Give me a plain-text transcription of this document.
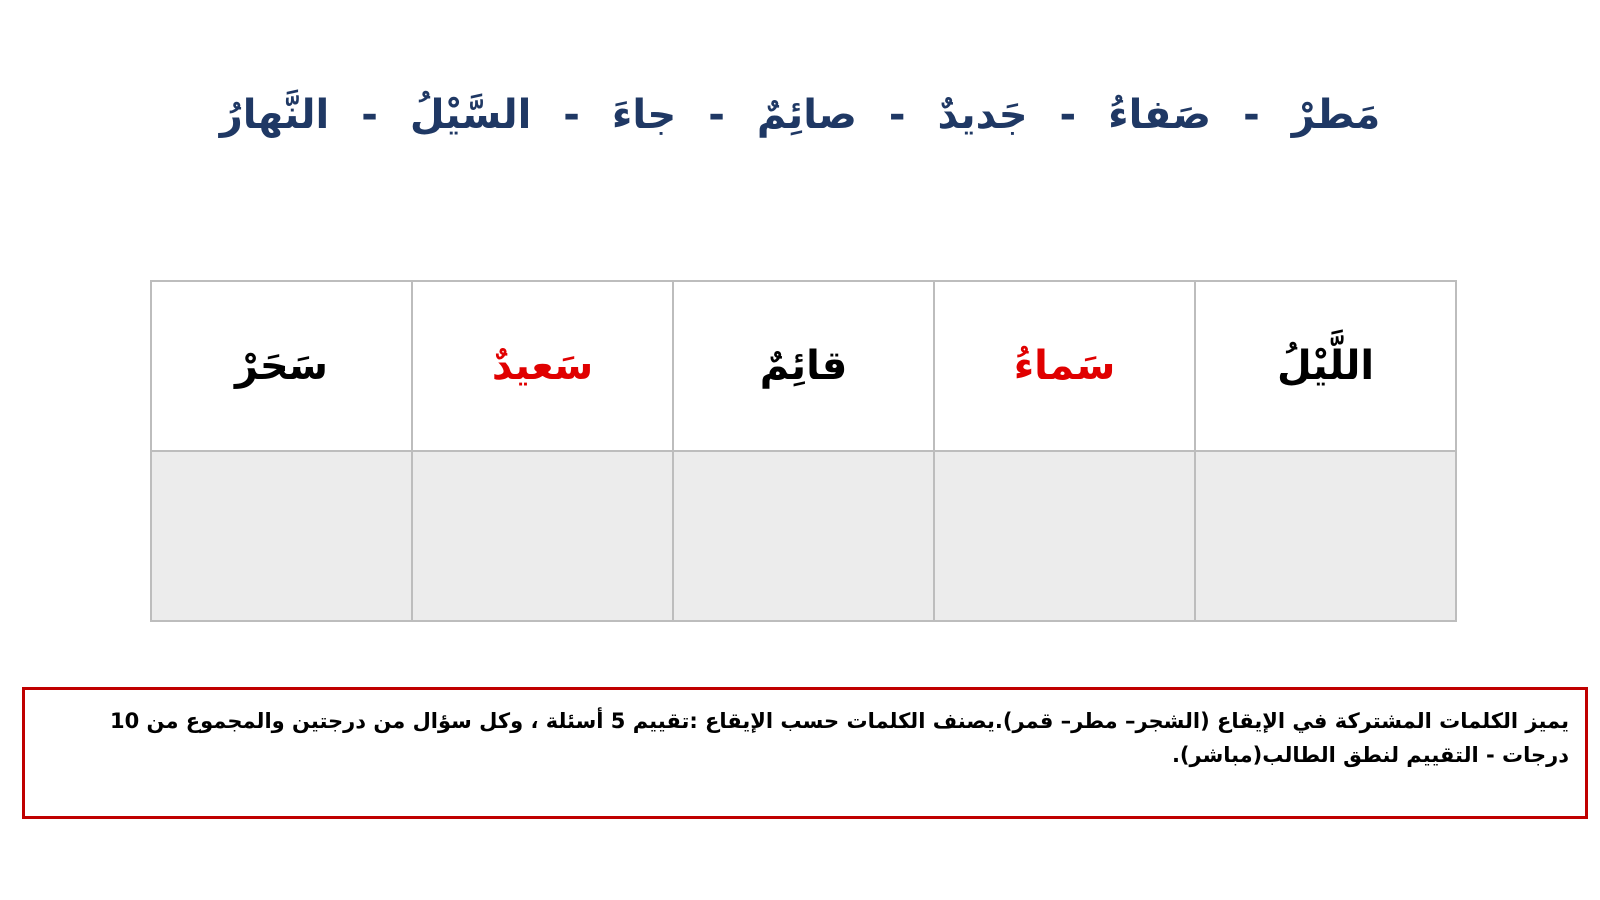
مَطرْ
-
صَفاءُ
-
جَديدٌ
-
صائِمٌ
-
جاءَ
-
السَّيْلُ
-
النَّهارُ
اللَّيْلُ	سَماءُ	قائِمٌ	سَعيدٌ	سَحَرْ

يميز الكلمات المشتركة في الإيقاع (الشجر– مطر– قمر).يصنف الكلمات حسب الإيقاع :تقييم 5 أسئلة ، وكل سؤال من درجتين والمجموع من 10 درجات - التقييم لنطق الطالب(مباشر).
